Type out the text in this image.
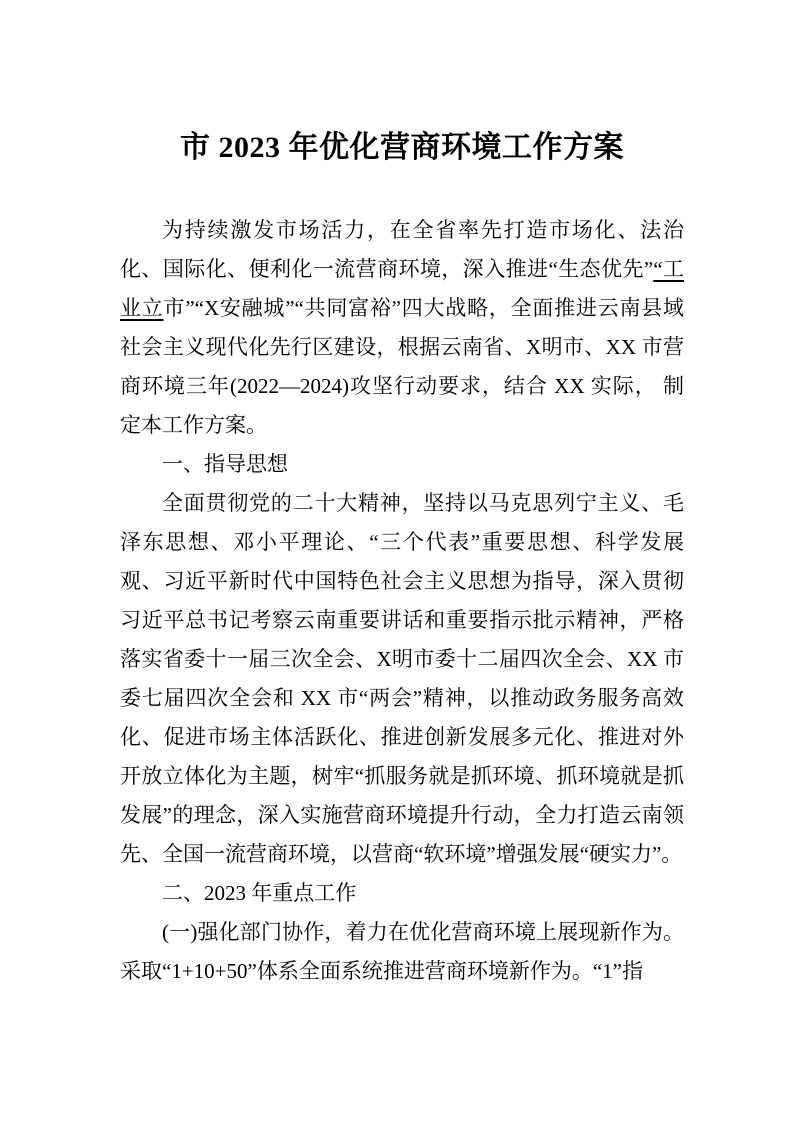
市 2023 年优化营商环境工作方案

为持续激发市场活力，在全省率先打造市场化、法治化、国际化、便利化一流营商环境，深入推进“生态优先”“工业立市”“X安融城”“共同富裕”四大战略，全面推进云南县域社会主义现代化先行区建设，根据云南省、X明市、XX 市营商环境三年(2022—2024)攻坚行动要求，结合 XX 实际， 制定本工作方案。

一、指导思想

全面贯彻党的二十大精神，坚持以马克思列宁主义、毛泽东思想、邓小平理论、“三个代表”重要思想、科学发展观、习近平新时代中国特色社会主义思想为指导，深入贯彻习近平总书记考察云南重要讲话和重要指示批示精神，严格落实省委十一届三次全会、X明市委十二届四次全会、XX 市委七届四次全会和 XX 市“两会”精神，以推动政务服务高效化、促进市场主体活跃化、推进创新发展多元化、推进对外开放立体化为主题，树牢“抓服务就是抓环境、抓环境就是抓发展”的理念，深入实施营商环境提升行动，全力打造云南领先、全国一流营商环境，以营商“软环境”增强发展“硬实力”。

二、2023 年重点工作

(一)强化部门协作，着力在优化营商环境上展现新作为。采取“1+10+50”体系全面系统推进营商环境新作为。“1”指
